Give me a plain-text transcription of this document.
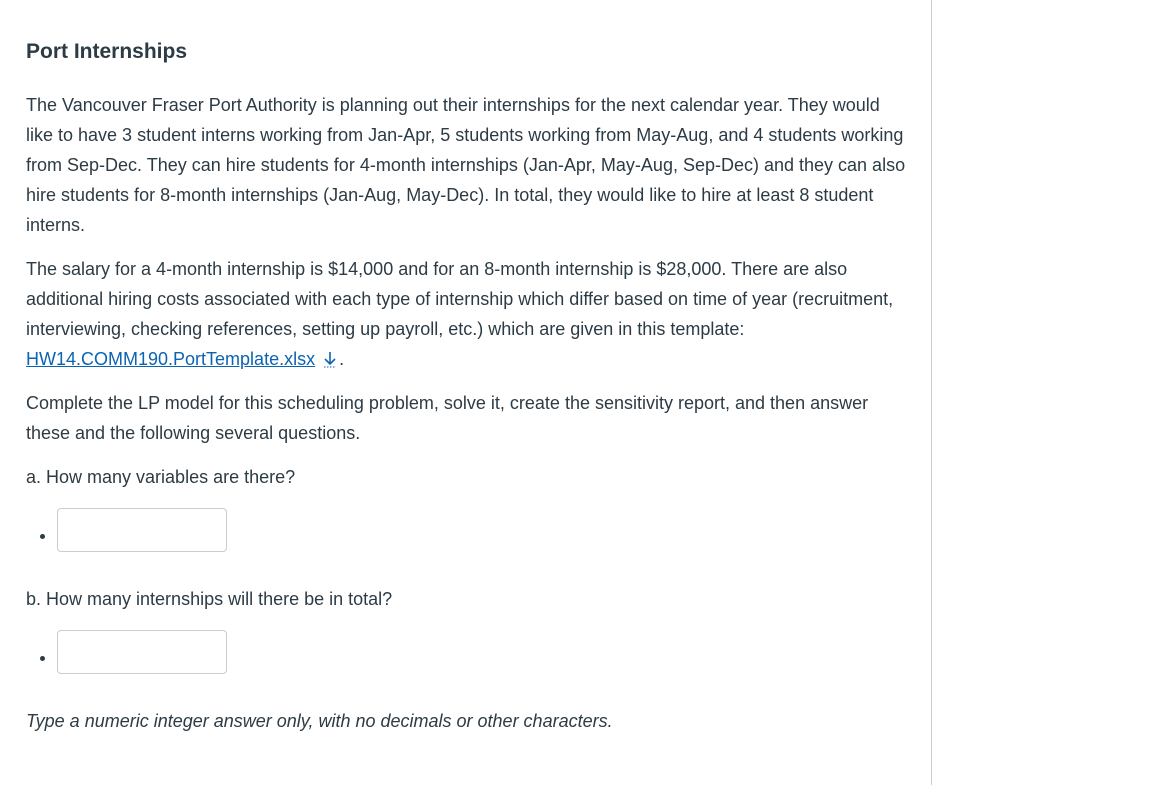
Port Internships

The Vancouver Fraser Port Authority is planning out their internships for the next calendar year. They would like to have 3 student interns working from Jan-Apr, 5 students working from May-Aug, and 4 students working from Sep-Dec. They can hire students for 4-month internships (Jan-Apr, May-Aug, Sep-Dec) and they can also hire students for 8-month internships (Jan-Aug, May-Dec). In total, they would like to hire at least 8 student interns.

The salary for a 4-month internship is $14,000 and for an 8-month internship is $28,000. There are also additional hiring costs associated with each type of internship which differ based on time of year (recruitment, interviewing, checking references, setting up payroll, etc.) which are given in this template: HW14.COMM190.PortTemplate.xlsx .

Complete the LP model for this scheduling problem, solve it, create the sensitivity report, and then answer these and the following several questions.

a. How many variables are there?

b. How many internships will there be in total?

Type a numeric integer answer only, with no decimals or other characters.
